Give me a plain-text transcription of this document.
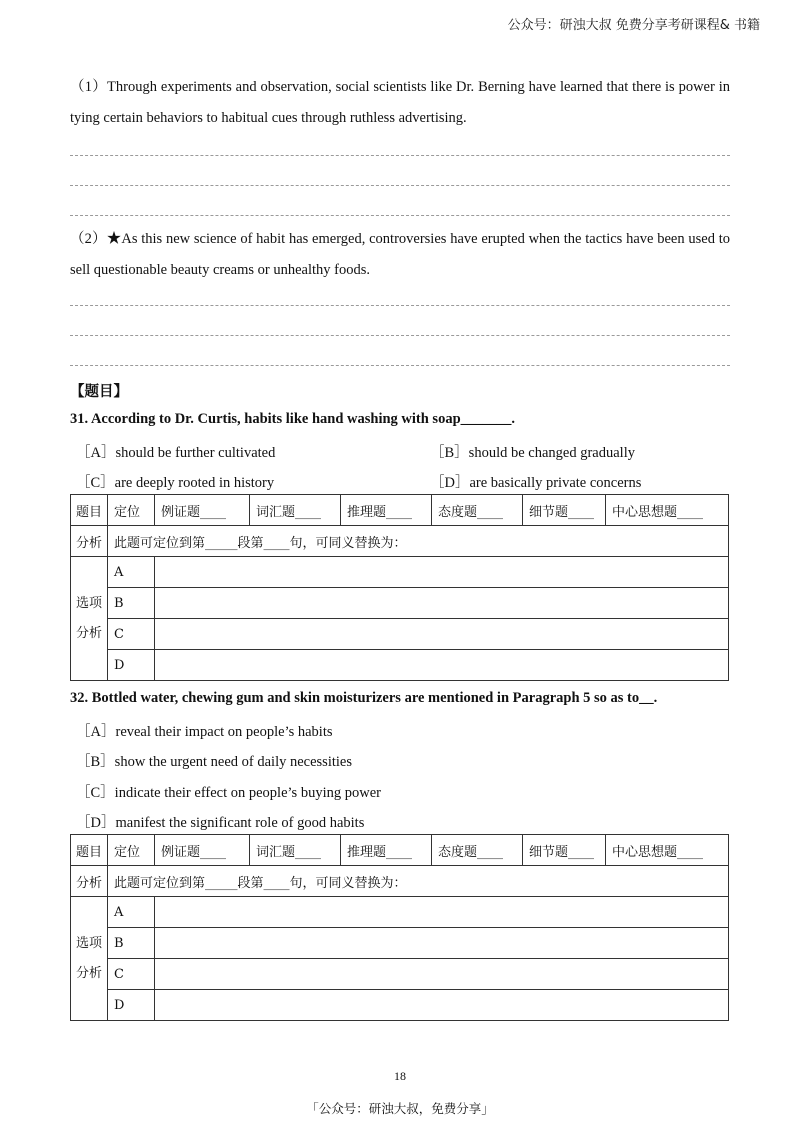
公众号：研浊大叔 免费分享考研课程& 书籍
（1）Through experiments and observation, social scientists like Dr. Berning have learned that there is power in tying certain behaviors to habitual cues through ruthless advertising.
（2）★As this new science of habit has emerged, controversies have erupted when the tactics have been used to sell questionable beauty creams or unhealthy foods.
【题目】
31. According to Dr. Curtis, habits like hand washing with soap_______.
［A］should be further cultivated	［B］should be changed gradually
［C］are deeply rooted in history	［D］are basically private concerns
题目	定位	例证题____	词汇题____	推理题____	态度题____	细节题____	中心思想题____

分析	此题可定位到第_____段第____句，可同义替换为：

选项
分析
	A	
B	
C	
D	
32. Bottled water, chewing gum and skin moisturizers are mentioned in Paragraph 5 so as to__.
［A］reveal their impact on people’s habits
［B］show the urgent need of daily necessities
［C］indicate their effect on people’s buying power
［D］manifest the significant role of good habits
题目	定位	例证题____	词汇题____	推理题____	态度题____	细节题____	中心思想题____

分析	此题可定位到第_____段第____句，可同义替换为：

选项
分析
	A	
B	
C	
D	
18
「公众号：研浊大叔，免费分享」
